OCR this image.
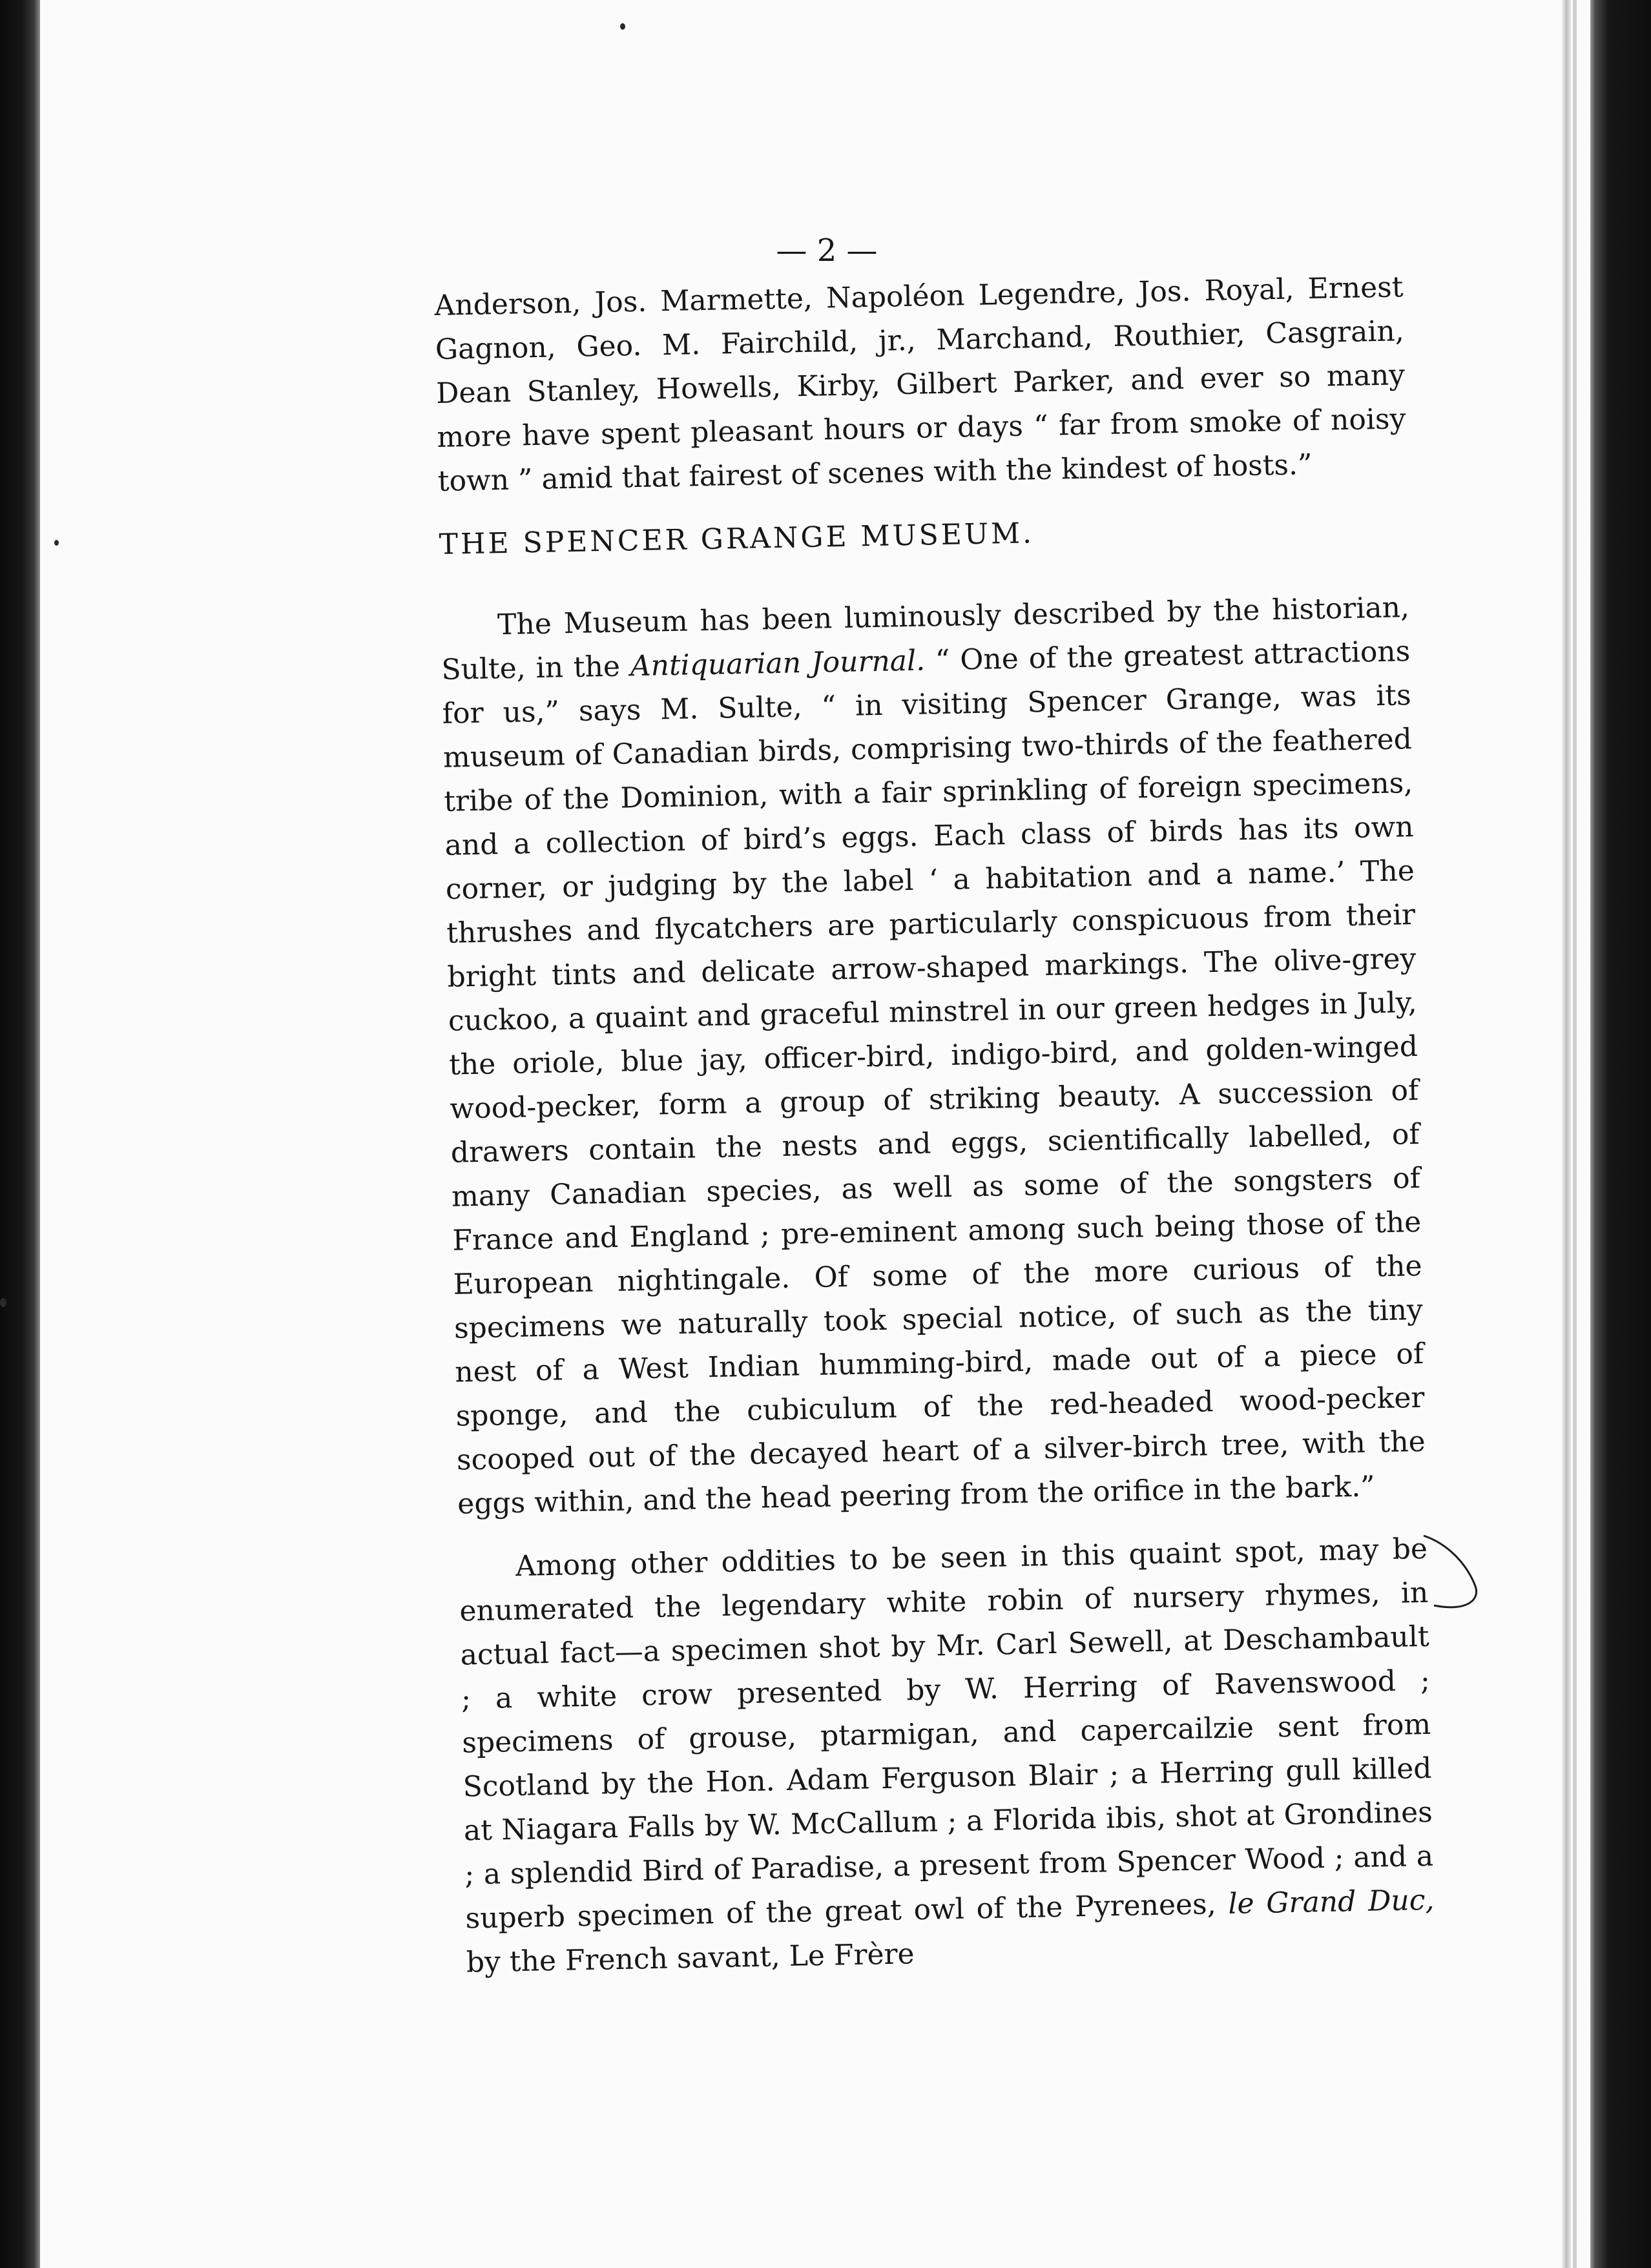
— 2 —

Anderson, Jos. Marmette, Napoléon Legendre, Jos. Royal, Ernest Gagnon, Geo. M. Fairchild, jr., Marchand, Routhier, Casgrain, Dean Stanley, Howells, Kirby, Gilbert Parker, and ever so many more have spent pleasant hours or days “ far from smoke of noisy town ” amid that fairest of scenes with the kindest of hosts.”

THE SPENCER GRANGE MUSEUM.

The Museum has been luminously described by the historian, Sulte, in the Antiquarian Journal. “ One of the greatest attractions for us,” says M. Sulte, “ in visiting Spencer Grange, was its museum of Canadian birds, comprising two-thirds of the feathered tribe of the Dominion, with a fair sprinkling of foreign specimens, and a collection of bird’s eggs. Each class of birds has its own corner, or judging by the label ‘ a habitation and a name.’ The thrushes and flycatchers are particularly conspicuous from their bright tints and delicate arrow-shaped markings. The olive-grey cuckoo, a quaint and graceful minstrel in our green hedges in July, the oriole, blue jay, officer-bird, indigo-bird, and golden-winged wood-pecker, form a group of striking beauty. A succession of drawers contain the nests and eggs, scientifically labelled, of many Canadian species, as well as some of the songsters of France and England ; pre-eminent among such being those of the European nightingale. Of some of the more curious of the specimens we naturally took special notice, of such as the tiny nest of a West Indian humming-bird, made out of a piece of sponge, and the cubiculum of the red-headed wood-pecker scooped out of the decayed heart of a silver-birch tree, with the eggs within, and the head peering from the orifice in the bark.”

Among other oddities to be seen in this quaint spot, may be enumerated the legendary white robin of nursery rhymes, in actual fact—a specimen shot by Mr. Carl Sewell, at Deschambault ; a white crow presented by W. Herring of Ravenswood ; specimens of grouse, ptarmigan, and capercailzie sent from Scotland by the Hon. Adam Ferguson Blair ; a Herring gull killed at Niagara Falls by W. McCallum ; a Florida ibis, shot at Grondines ; a splendid Bird of Paradise, a present from Spencer Wood ; and a superb specimen of the great owl of the Pyrenees, le Grand Duc, by the French savant, Le Frère
